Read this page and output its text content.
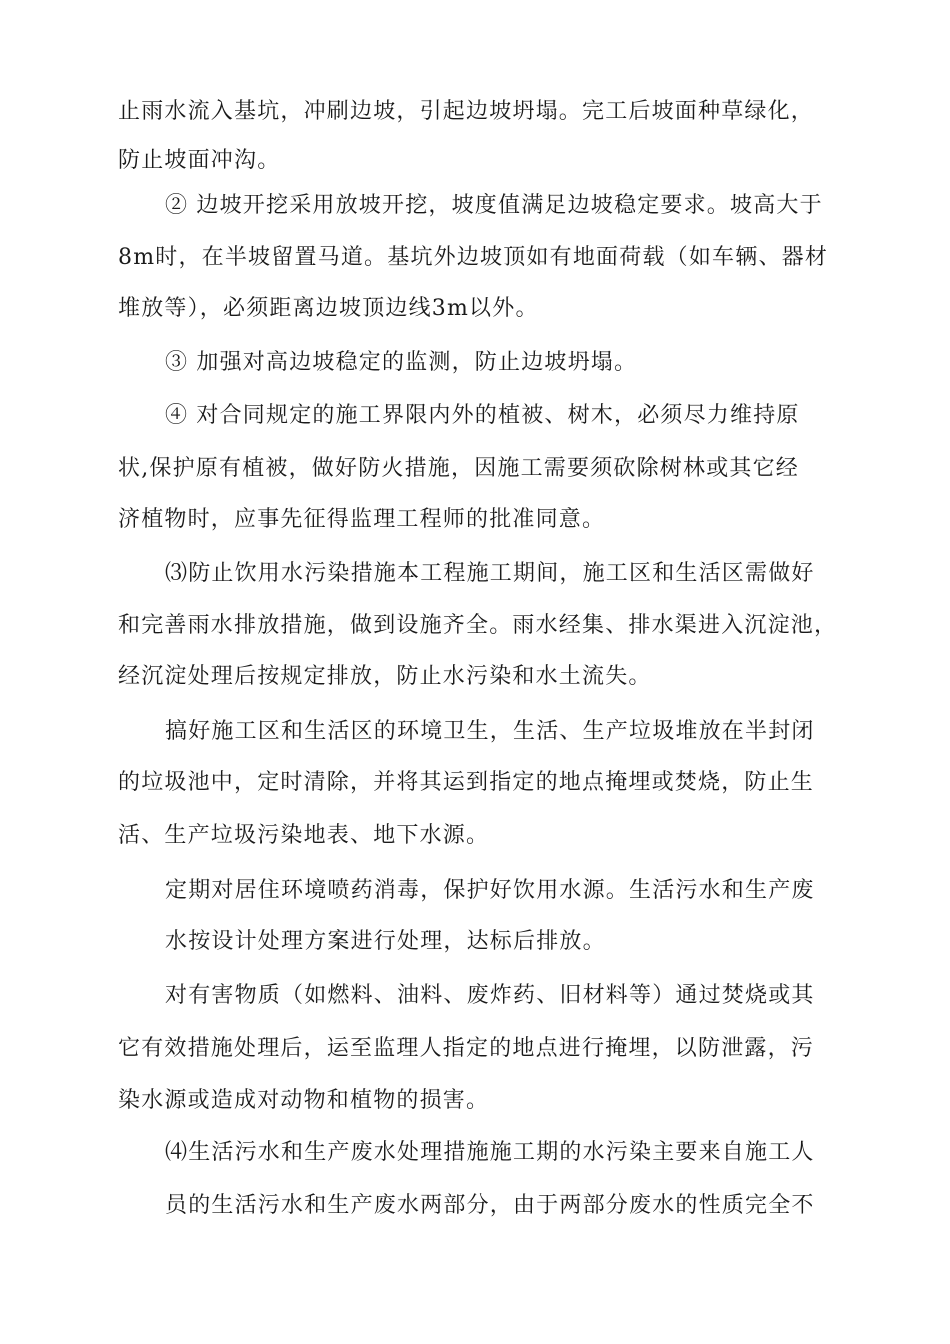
止雨水流入基坑，冲刷边坡，引起边坡坍塌。完工后坡面种草绿化，
防止坡面冲沟。
② 边坡开挖采用放坡开挖，坡度值满足边坡稳定要求。坡高大于
8m时，在半坡留置马道。基坑外边坡顶如有地面荷载（如车辆、器材
堆放等），必须距离边坡顶边线3m以外。
③ 加强对高边坡稳定的监测，防止边坡坍塌。
④ 对合同规定的施工界限内外的植被、树木，必须尽力维持原
状,保护原有植被，做好防火措施，因施工需要须砍除树林或其它经
济植物时，应事先征得监理工程师的批准同意。
⑶防止饮用水污染措施本工程施工期间，施工区和生活区需做好
和完善雨水排放措施，做到设施齐全。雨水经集、排水渠进入沉淀池，
经沉淀处理后按规定排放，防止水污染和水土流失。
搞好施工区和生活区的环境卫生，生活、生产垃圾堆放在半封闭
的垃圾池中，定时清除，并将其运到指定的地点掩埋或焚烧，防止生
活、生产垃圾污染地表、地下水源。
定期对居住环境喷药消毒，保护好饮用水源。生活污水和生产废
水按设计处理方案进行处理，达标后排放。
对有害物质（如燃料、油料、废炸药、旧材料等）通过焚烧或其
它有效措施处理后，运至监理人指定的地点进行掩埋，以防泄露，污
染水源或造成对动物和植物的损害。
⑷生活污水和生产废水处理措施施工期的水污染主要来自施工人
员的生活污水和生产废水两部分，由于两部分废水的性质完全不
